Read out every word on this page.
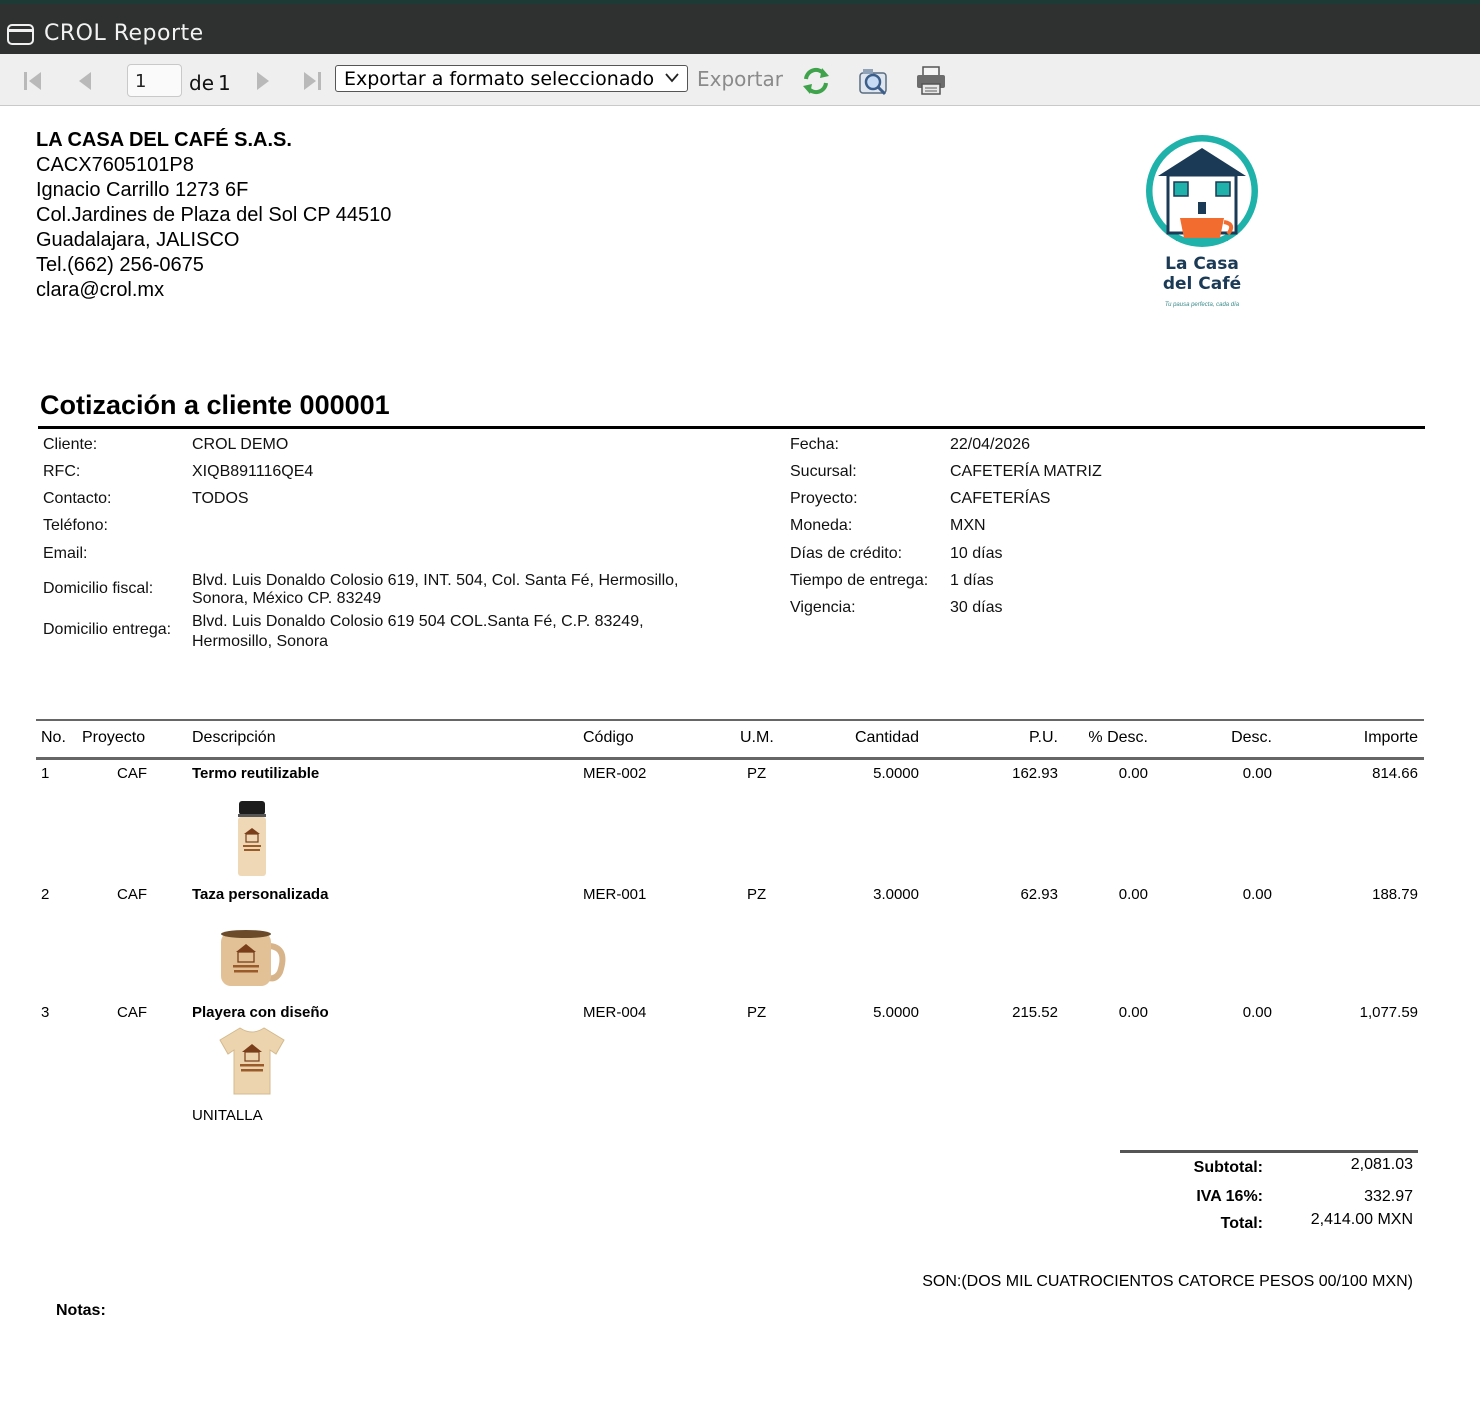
CROL Reporte
1	de 1	Exportar a formato seleccionado	Exportar
LA CASA DEL CAFÉ S.A.S.
CACX7605101P8
Ignacio Carrillo 1273 6F
Col.Jardines de Plaza del Sol CP 44510
Guadalajara, JALISCO
Tel.(662) 256-0675
clara@crol.mx
La Casa
del Café
Tu pausa perfecta, cada día
Cotización a cliente 000001
Cliente:	CROL DEMO
RFC:	XIQB891116QE4
Contacto:	TODOS
Teléfono:
Email:
Domicilio fiscal: Blvd. Luis Donaldo Colosio 619, INT. 504, Col. Santa Fé, Hermosillo,
Sonora, México CP. 83249
Domicilio entrega: Blvd. Luis Donaldo Colosio 619 504 COL.Santa Fé, C.P. 83249,
Hermosillo, Sonora
Fecha:	22/04/2026
Sucursal:	CAFETERÍA MATRIZ
Proyecto:	CAFETERÍAS
Moneda:	MXN
Días de crédito:	10 días
Tiempo de entrega: 1 días
Vigencia:	30 días
No. Proyecto	Descripción	Código	U.M.	Cantidad	P.U.	% Desc.	Desc.	Importe
1	CAF	Termo reutilizable	MER-002	PZ	5.0000	162.93	0.00	0.00	814.66
2	CAF	Taza personalizada	MER-001	PZ	3.0000	62.93	0.00	0.00	188.79
3	CAF	Playera con diseño	MER-004	PZ	5.0000	215.52	0.00	0.00	1,077.59
UNITALLA
Subtotal:	2,081.03
IVA 16%:	332.97
Total:	2,414.00 MXN
SON:(DOS MIL CUATROCIENTOS CATORCE PESOS 00/100 MXN)
Notas:
